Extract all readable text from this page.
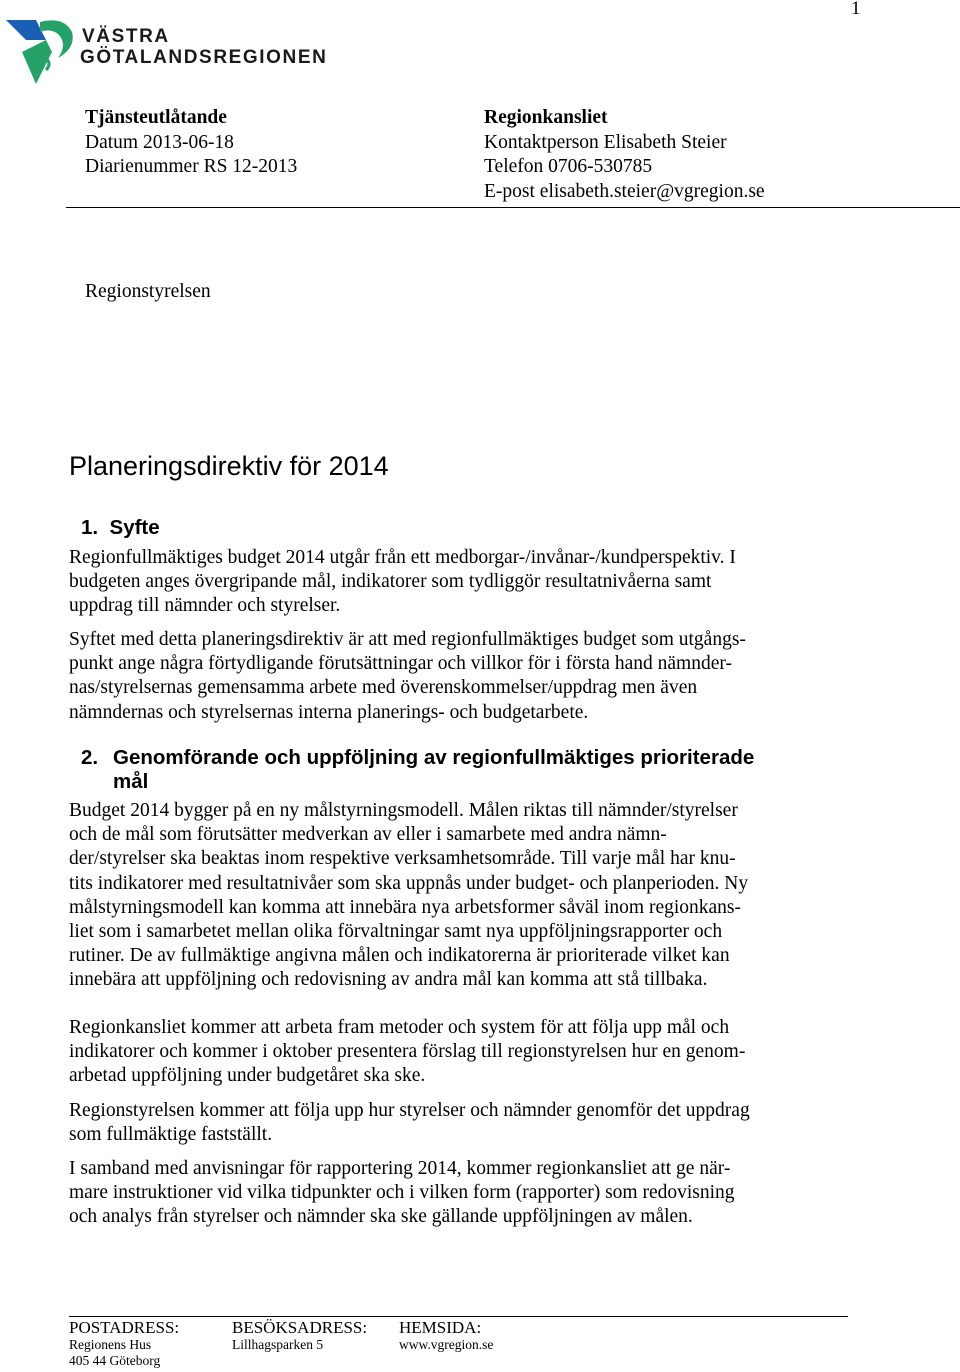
1
VÄSTRA
GÖTALANDSREGIONEN
Tjänsteutlåtande
Datum 2013-06-18
Diarienummer RS 12-2013
Regionkansliet
Kontaktperson Elisabeth Steier
Telefon 0706-530785
E-post elisabeth.steier@vgregion.se
Regionstyrelsen
Planeringsdirektiv för 2014
1. Syfte
Regionfullmäktiges budget 2014 utgår från ett medborgar-/invånar-/kundperspektiv. I
budgeten anges övergripande mål, indikatorer som tydliggör resultatnivåerna samt
uppdrag till nämnder och styrelser.
Syftet med detta planeringsdirektiv är att med regionfullmäktiges budget som utgångs-
punkt ange några förtydligande förutsättningar och villkor för i första hand nämnder-
nas/styrelsernas gemensamma arbete med överenskommelser/uppdrag men även
nämndernas och styrelsernas interna planerings- och budgetarbete.
2. Genomförande och uppföljning av regionfullmäktiges prioriterade
mål
Budget 2014 bygger på en ny målstyrningsmodell. Målen riktas till nämnder/styrelser
och de mål som förutsätter medverkan av eller i samarbete med andra nämn-
der/styrelser ska beaktas inom respektive verksamhetsområde. Till varje mål har knu-
tits indikatorer med resultatnivåer som ska uppnås under budget- och planperioden. Ny
målstyrningsmodell kan komma att innebära nya arbetsformer såväl inom regionkans-
liet som i samarbetet mellan olika förvaltningar samt nya uppföljningsrapporter och
rutiner. De av fullmäktige angivna målen och indikatorerna är prioriterade vilket kan
innebära att uppföljning och redovisning av andra mål kan komma att stå tillbaka.
Regionkansliet kommer att arbeta fram metoder och system för att följa upp mål och
indikatorer och kommer i oktober presentera förslag till regionstyrelsen hur en genom-
arbetad uppföljning under budgetåret ska ske.
Regionstyrelsen kommer att följa upp hur styrelser och nämnder genomför det uppdrag
som fullmäktige fastställt.
I samband med anvisningar för rapportering 2014, kommer regionkansliet att ge när-
mare instruktioner vid vilka tidpunkter och i vilken form (rapporter) som redovisning
och analys från styrelser och nämnder ska ske gällande uppföljningen av målen.
POSTADRESS:
Regionens Hus
405 44 Göteborg
BESÖKSADRESS:
Lillhagsparken 5
HEMSIDA:
www.vgregion.se
